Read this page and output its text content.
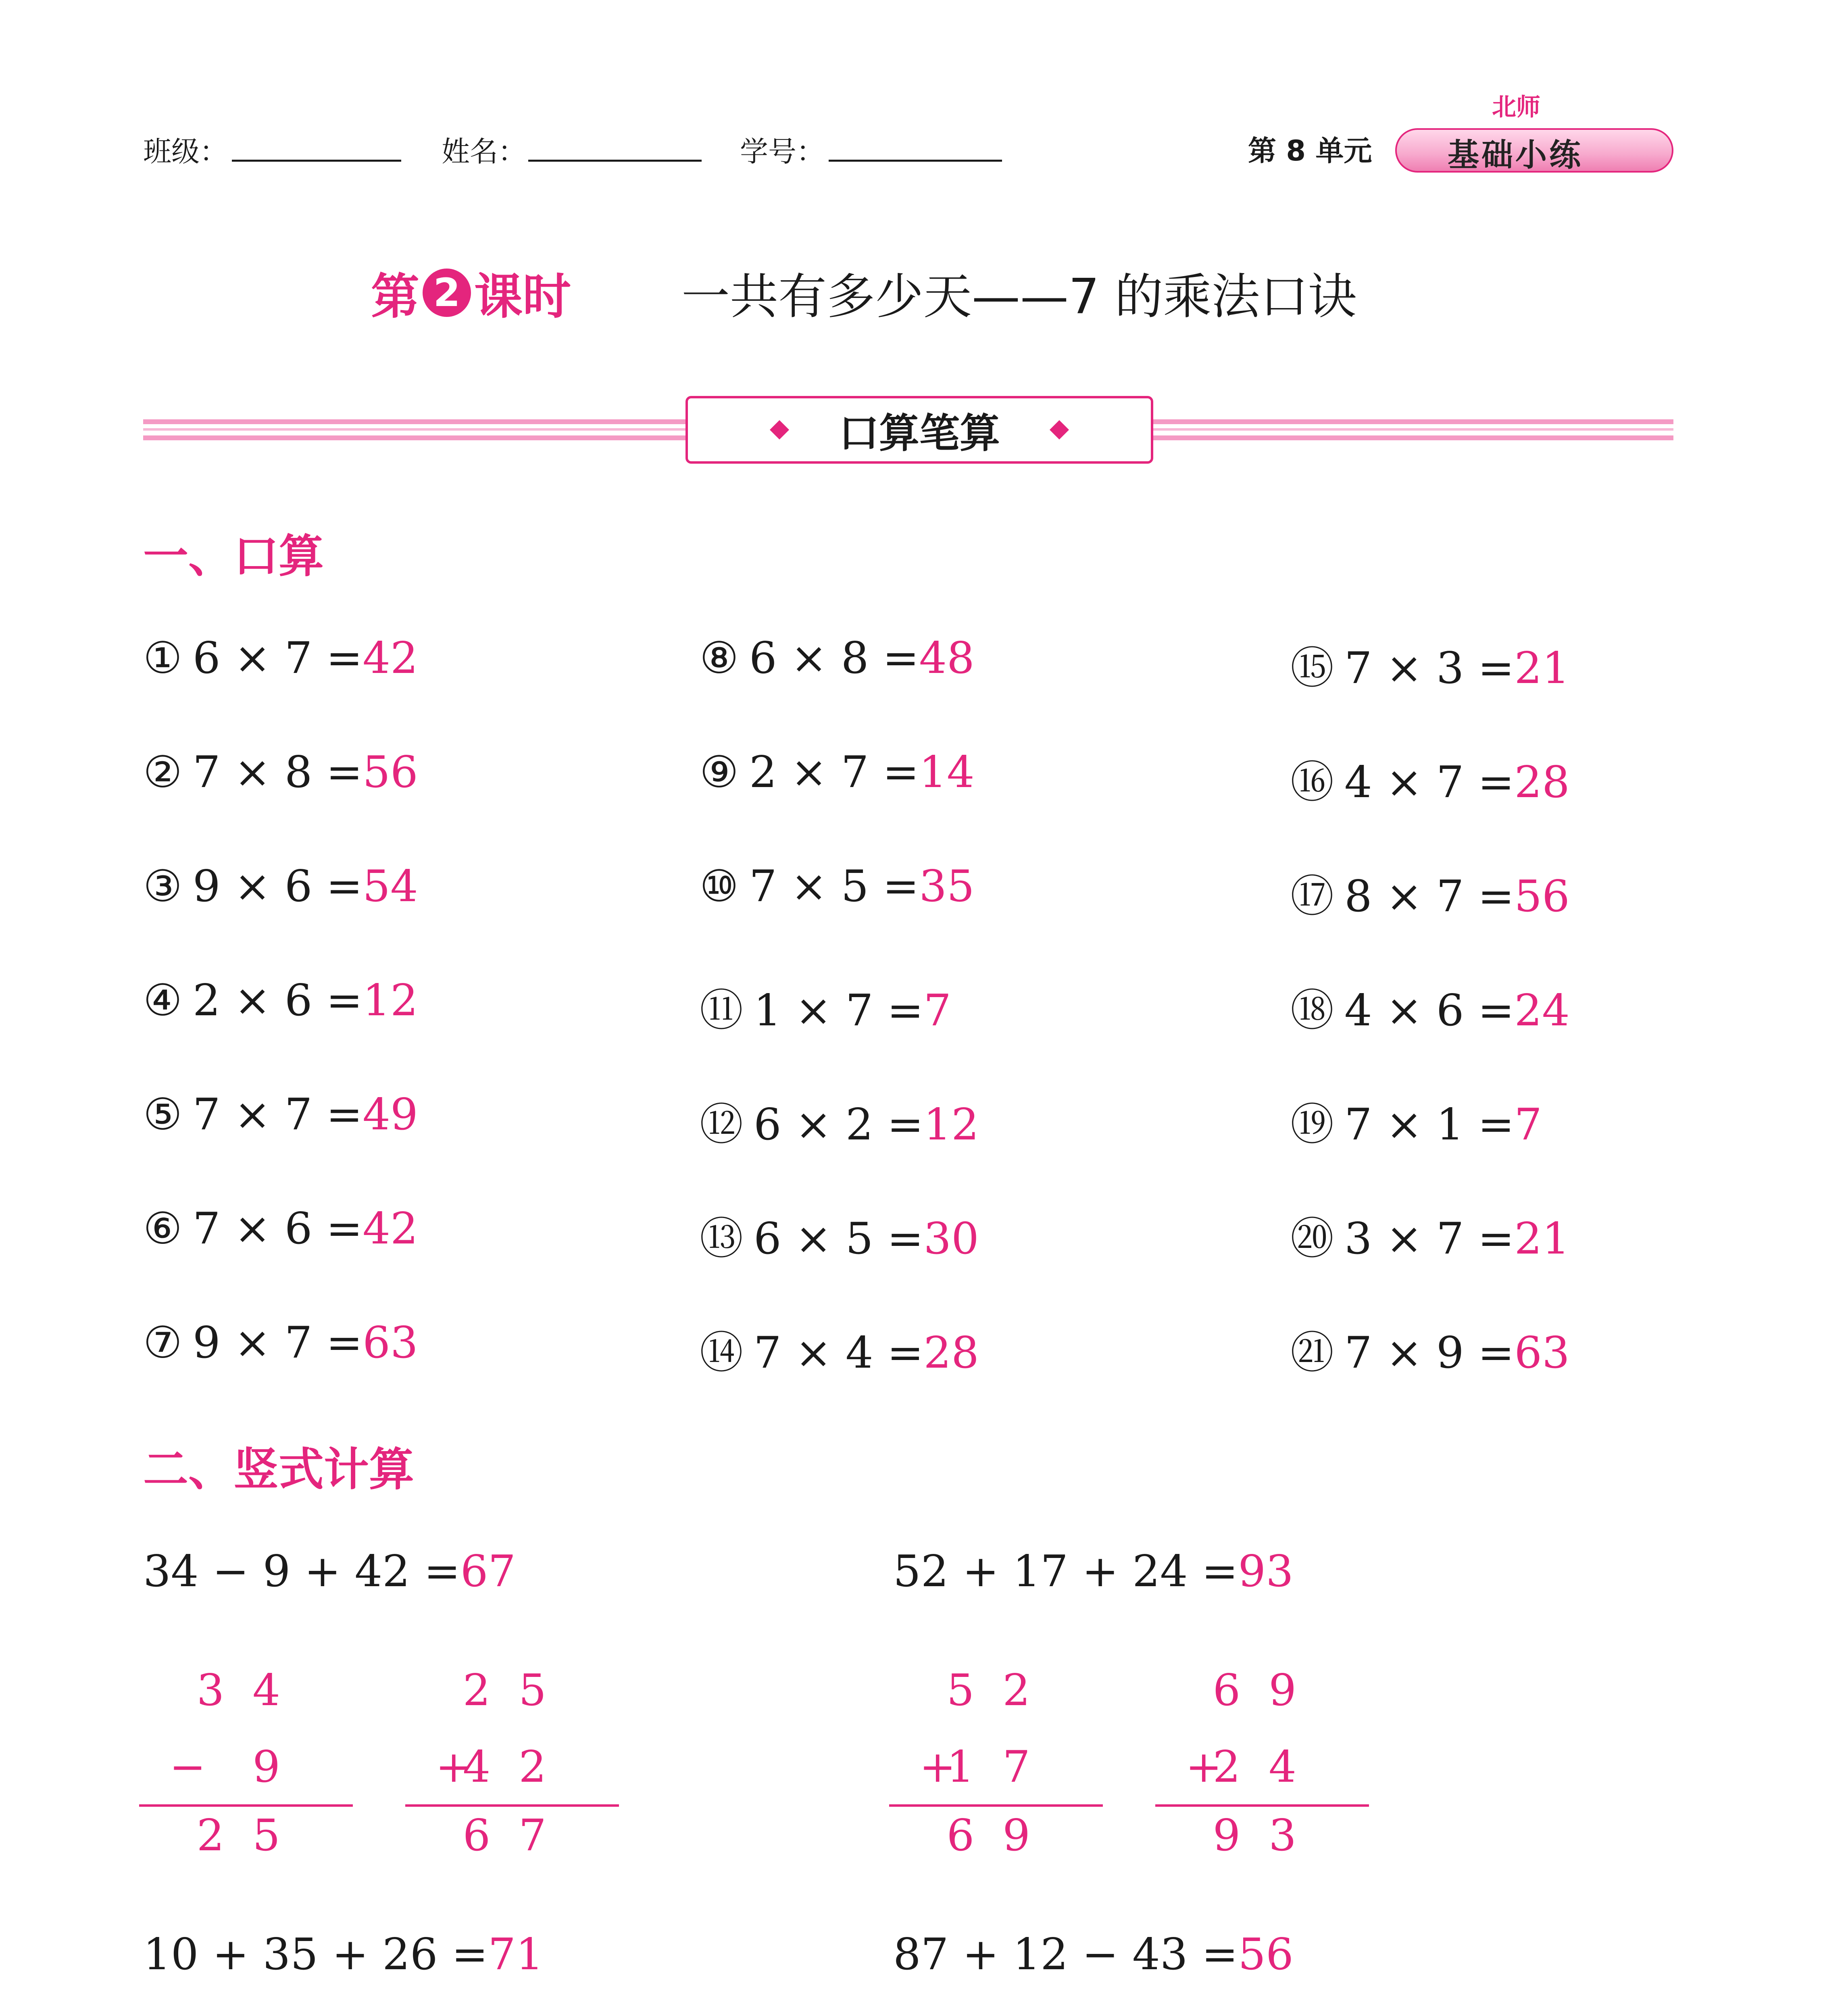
班级：	姓名：	学号：	第 8 单元
北师
基础小练
第 2 课时 一共有多少天——7 的乘法口诀
口算笔算
一、口算
① 6 × 7 =42
② 7 × 8 =56
③ 9 × 6 =54
④ 2 × 6 =12
⑤ 7 × 7 =49
⑥ 7 × 6 =42
⑦ 9 × 7 =63
⑧ 6 × 8 =48
⑨ 2 × 7 =14
⑩ 7 × 5 =35
⑪ 1 × 7 =7
⑫ 6 × 2 =12
⑬ 6 × 5 =30
⑭ 7 × 4 =28
⑮ 7 × 3 =21
⑯ 4 × 7 =28
⑰ 8 × 7 =56
⑱ 4 × 6 =24
⑲ 7 × 1 =7
⑳ 3 × 7 =21
㉑ 7 × 9 =63
二、竖式计算
34 − 9 + 42 =67
34
− 9
25
25
+
42
67
52 + 17 + 24 =93
52
+
17
69
69
+
24
93
10 + 35 + 26 =71	87 + 12 − 43 =56
